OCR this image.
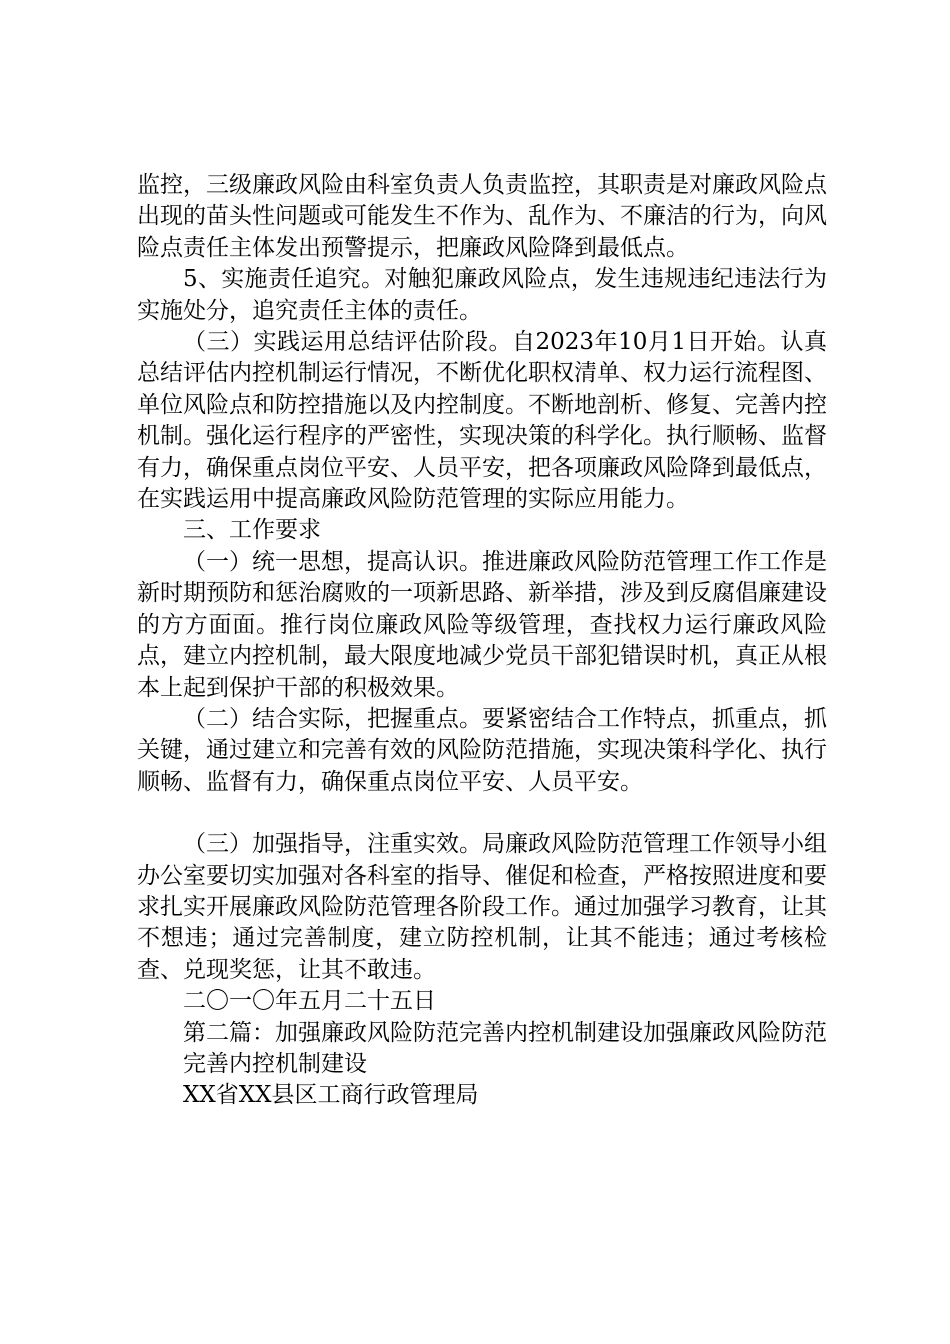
监控，三级廉政风险由科室负责人负责监控，其职责是对廉政风险点出现的苗头性问题或可能发生不作为、乱作为、不廉洁的行为，向风险点责任主体发出预警提示，把廉政风险降到最低点。

5、实施责任追究。对触犯廉政风险点，发生违规违纪违法行为实施处分，追究责任主体的责任。

（三）实践运用总结评估阶段。自2023年10月1日开始。认真总结评估内控机制运行情况，不断优化职权清单、权力运行流程图、单位风险点和防控措施以及内控制度。不断地剖析、修复、完善内控机制。强化运行程序的严密性，实现决策的科学化。执行顺畅、监督有力，确保重点岗位平安、人员平安，把各项廉政风险降到最低点，在实践运用中提高廉政风险防范管理的实际应用能力。

三、工作要求

（一）统一思想，提高认识。推进廉政风险防范管理工作工作是新时期预防和惩治腐败的一项新思路、新举措，涉及到反腐倡廉建设的方方面面。推行岗位廉政风险等级管理，查找权力运行廉政风险点，建立内控机制，最大限度地减少党员干部犯错误时机，真正从根本上起到保护干部的积极效果。

（二）结合实际，把握重点。要紧密结合工作特点，抓重点，抓关键，通过建立和完善有效的风险防范措施，实现决策科学化、执行顺畅、监督有力，确保重点岗位平安、人员平安。

（三）加强指导，注重实效。局廉政风险防范管理工作领导小组办公室要切实加强对各科室的指导、催促和检查，严格按照进度和要求扎实开展廉政风险防范管理各阶段工作。通过加强学习教育，让其不想违；通过完善制度，建立防控机制，让其不能违；通过考核检查、兑现奖惩，让其不敢违。

二〇一〇年五月二十五日

第二篇：加强廉政风险防范完善内控机制建设加强廉政风险防范

完善内控机制建设

XX省XX县区工商行政管理局
